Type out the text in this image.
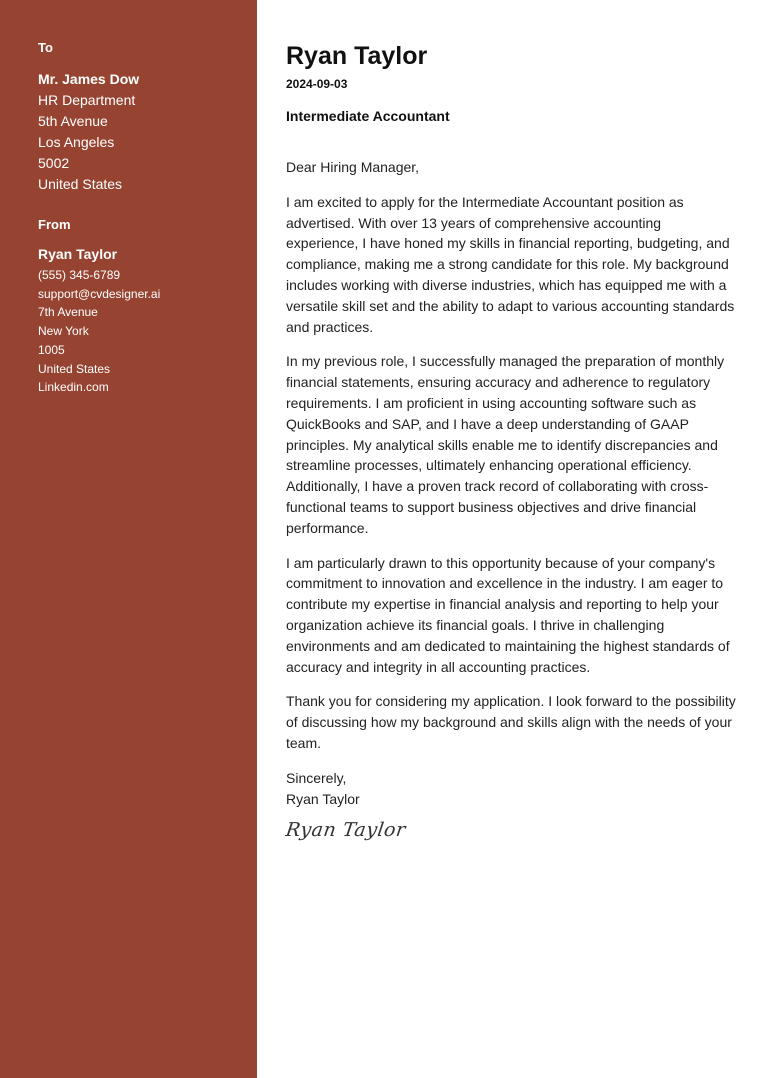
To
Mr. James Dow
HR Department
5th Avenue
Los Angeles
5002
United States
From
Ryan Taylor
(555) 345-6789
support@cvdesigner.ai
7th Avenue
New York
1005
United States
Linkedin.com
Ryan Taylor
2024-09-03
Intermediate Accountant
Dear Hiring Manager,

I am excited to apply for the Intermediate Accountant position as advertised. With over 13 years of comprehensive accounting experience, I have honed my skills in financial reporting, budgeting, and compliance, making me a strong candidate for this role. My background includes working with diverse industries, which has equipped me with a versatile skill set and the ability to adapt to various accounting standards and practices.

In my previous role, I successfully managed the preparation of monthly financial statements, ensuring accuracy and adherence to regulatory requirements. I am proficient in using accounting software such as QuickBooks and SAP, and I have a deep understanding of GAAP principles. My analytical skills enable me to identify discrepancies and streamline processes, ultimately enhancing operational efficiency. Additionally, I have a proven track record of collaborating with cross-functional teams to support business objectives and drive financial performance.

I am particularly drawn to this opportunity because of your company's commitment to innovation and excellence in the industry. I am eager to contribute my expertise in financial analysis and reporting to help your organization achieve its financial goals. I thrive in challenging environments and am dedicated to maintaining the highest standards of accuracy and integrity in all accounting practices.

Thank you for considering my application. I look forward to the possibility of discussing how my background and skills align with the needs of your team.

Sincerely,
Ryan Taylor
Ryan Taylor
